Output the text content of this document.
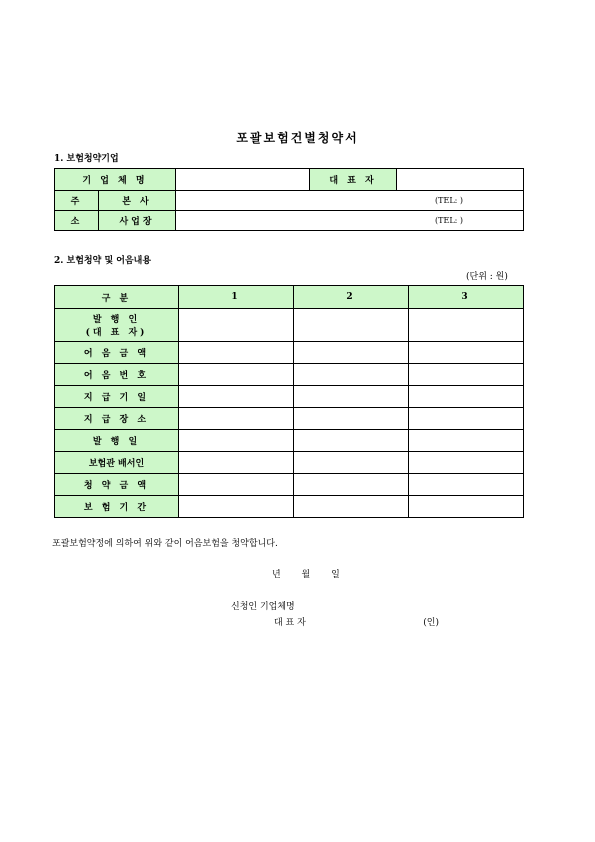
포괄보험건별청약서
1. 보험청약기업
기 업 체 명			대 표 자	
주	본 사	(TEL: )		
소	사업장	(TEL: )		
2. 보험청약 및 어음내용
(단위 : 원)
구 분	1	2	3

발 행 인
(대 표 자)			

어 음 금 액			
어 음 번 호			
지 급 기 일			
지 급 장 소			
발 행 일			
보험관 배서인			
청 약 금 액			
보 험 기 간			
포괄보험약정에 의하여 위와 같이 어음보험을 청약합니다.
년 월 일
신청인 기업체명
대 표 자	(인)
